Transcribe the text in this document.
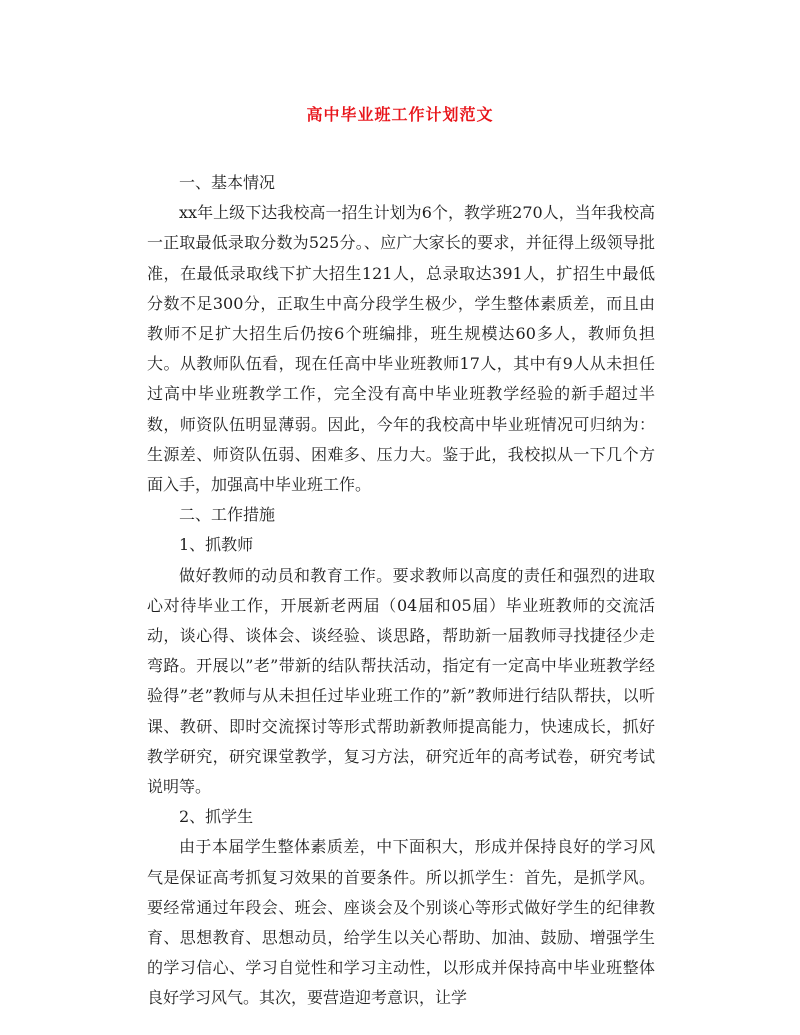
高中毕业班工作计划范文
一、基本情况

xx年上级下达我校高一招生计划为6个，教学班270人，当年我校高一正取最低录取分数为525分。、应广大家长的要求，并征得上级领导批准，在最低录取线下扩大招生121人，总录取达391人，扩招生中最低分数不足300分，正取生中高分段学生极少，学生整体素质差，而且由教师不足扩大招生后仍按6个班编排，班生规模达60多人，教师负担大。从教师队伍看，现在任高中毕业班教师17人，其中有9人从未担任过高中毕业班教学工作，完全没有高中毕业班教学经验的新手超过半数，师资队伍明显薄弱。因此，今年的我校高中毕业班情况可归纳为：生源差、师资队伍弱、困难多、压力大。鉴于此，我校拟从一下几个方面入手，加强高中毕业班工作。

二、工作措施
1、抓教师

做好教师的动员和教育工作。要求教师以高度的责任和强烈的进取心对待毕业工作，开展新老两届（04届和05届）毕业班教师的交流活动，谈心得、谈体会、谈经验、谈思路，帮助新一届教师寻找捷径少走弯路。开展以”老”带新的结队帮扶活动，指定有一定高中毕业班教学经验得”老”教师与从未担任过毕业班工作的”新”教师进行结队帮扶，以听课、教研、即时交流探讨等形式帮助新教师提高能力，快速成长，抓好教学研究，研究课堂教学，复习方法，研究近年的高考试卷，研究考试说明等。

2、抓学生

由于本届学生整体素质差，中下面积大，形成并保持良好的学习风气是保证高考抓复习效果的首要条件。所以抓学生：首先，是抓学风。要经常通过年段会、班会、座谈会及个别谈心等形式做好学生的纪律教育、思想教育、思想动员，给学生以关心帮助、加油、鼓励、增强学生的学习信心、学习自觉性和学习主动性，以形成并保持高中毕业班整体良好学习风气。其次，要营造迎考意识，让学
